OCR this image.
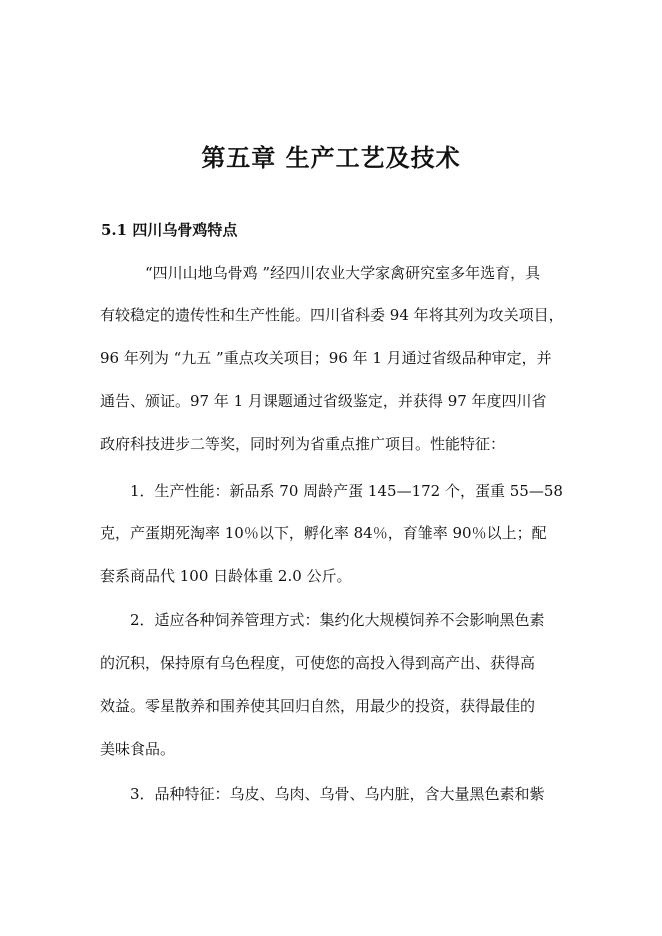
第五章 生产工艺及技术
5.1 四川乌骨鸡特点
“四川山地乌骨鸡 ”经四川农业大学家禽研究室多年选育，具
有较稳定的遗传性和生产性能。四川省科委 94 年将其列为攻关项目，
96 年列为 “九五 ”重点攻关项目；96 年 1 月通过省级品种审定，并
通告、颁证。97 年 1 月课题通过省级鉴定，并获得 97 年度四川省
政府科技进步二等奖，同时列为省重点推广项目。性能特征：
1．生产性能：新品系 70 周龄产蛋 145—172 个，蛋重 55—58
克，产蛋期死淘率 10％以下，孵化率 84％，育雏率 90％以上；配
套系商品代 100 日龄体重 2.0 公斤。
2．适应各种饲养管理方式：集约化大规模饲养不会影响黑色素
的沉积，保持原有乌色程度，可使您的高投入得到高产出、获得高
效益。零星散养和围养使其回归自然，用最少的投资，获得最佳的
美味食品。
3．品种特征：乌皮、乌肉、乌骨、乌内脏，含大量黑色素和紫
